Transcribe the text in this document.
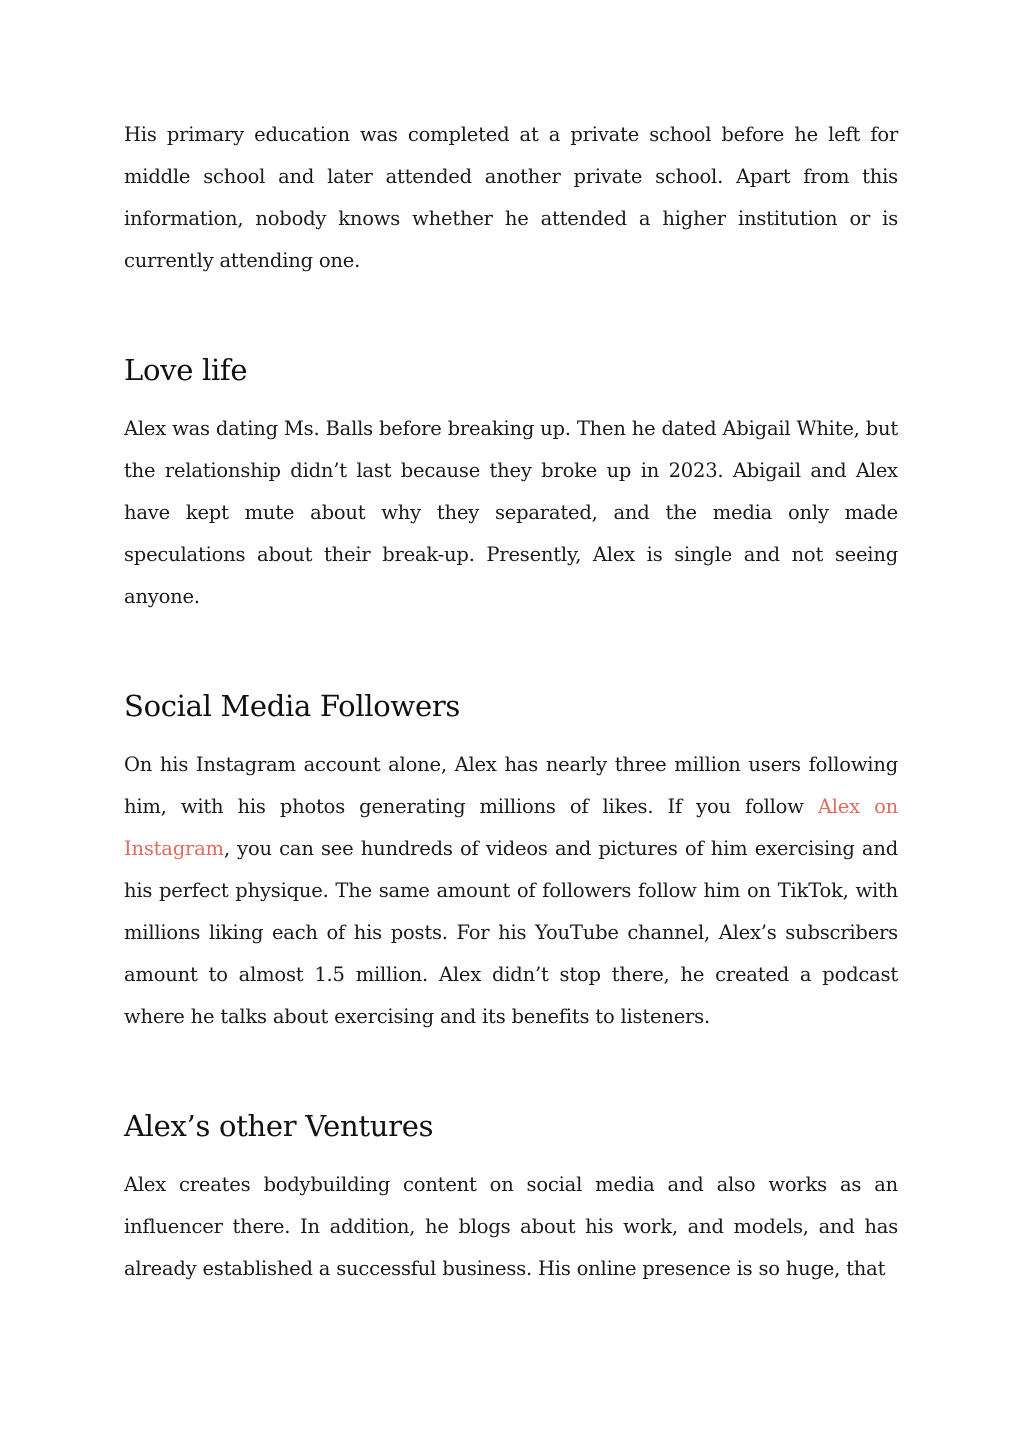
His primary education was completed at a private school before he left for middle school and later attended another private school. Apart from this information, nobody knows whether he attended a higher institution or is currently attending one.

Love life

Alex was dating Ms. Balls before breaking up. Then he dated Abigail White, but the relationship didn’t last because they broke up in 2023. Abigail and Alex have kept mute about why they separated, and the media only made speculations about their break-up. Presently, Alex is single and not seeing anyone.

Social Media Followers

On his Instagram account alone, Alex has nearly three million users following him, with his photos generating millions of likes. If you follow Alex on Instagram, you can see hundreds of videos and pictures of him exercising and his perfect physique. The same amount of followers follow him on TikTok, with millions liking each of his posts. For his YouTube channel, Alex’s subscribers amount to almost 1.5 million. Alex didn’t stop there, he created a podcast where he talks about exercising and its benefits to listeners.

Alex’s other Ventures

Alex creates bodybuilding content on social media and also works as an influencer there. In addition, he blogs about his work, and models, and has already established a successful business. His online presence is so huge, that
